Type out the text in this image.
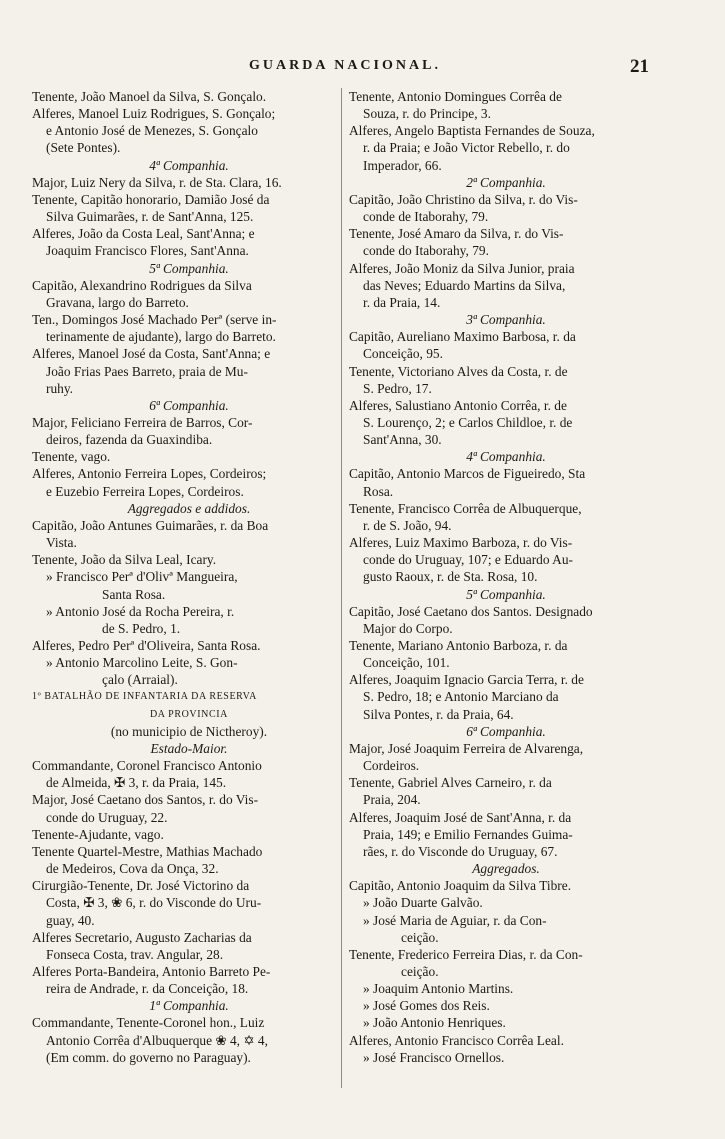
GUARDA NACIONAL.	21
Tenente, João Manoel da Silva, S. Gonçalo.
Alferes, Manoel Luiz Rodrigues, S. Gonçalo;
e Antonio José de Menezes, S. Gonçalo
(Sete Pontes).
4ª Companhia.
Major, Luiz Nery da Silva, r. de Sta. Clara, 16.
Tenente, Capitão honorario, Damião José da
Silva Guimarães, r. de Sant'Anna, 125.
Alferes, João da Costa Leal, Sant'Anna; e
Joaquim Francisco Flores, Sant'Anna.
5ª Companhia.
Capitão, Alexandrino Rodrigues da Silva
Gravana, largo do Barreto.
Ten., Domingos José Machado Perª (serve in-
terinamente de ajudante), largo do Barreto.
Alferes, Manoel José da Costa, Sant'Anna; e
João Frias Paes Barreto, praia de Mu-
ruhy.
6ª Companhia.
Major, Feliciano Ferreira de Barros, Cor-
deiros, fazenda da Guaxindiba.
Tenente, vago.
Alferes, Antonio Ferreira Lopes, Cordeiros;
e Euzebio Ferreira Lopes, Cordeiros.
Aggregados e addidos.
Capitão, João Antunes Guimarães, r. da Boa
Vista.
Tenente, João da Silva Leal, Icary.
» Francisco Perª d'Olivª Mangueira,
Santa Rosa.
» Antonio José da Rocha Pereira, r.
de S. Pedro, 1.
Alferes, Pedro Perª d'Oliveira, Santa Rosa.
» Antonio Marcolino Leite, S. Gon-
çalo (Arraial).
1º BATALHÃO DE INFANTARIA DA RESERVA
DA PROVINCIA
(no municipio de Nictheroy).
Estado-Maior.
Commandante, Coronel Francisco Antonio
de Almeida, ✠ 3, r. da Praia, 145.
Major, José Caetano dos Santos, r. do Vis-
conde do Uruguay, 22.
Tenente-Ajudante, vago.
Tenente Quartel-Mestre, Mathias Machado
de Medeiros, Cova da Onça, 32.
Cirurgião-Tenente, Dr. José Victorino da
Costa, ✠ 3, ❀ 6, r. do Visconde do Uru-
guay, 40.
Alferes Secretario, Augusto Zacharias da
Fonseca Costa, trav. Angular, 28.
Alferes Porta-Bandeira, Antonio Barreto Pe-
reira de Andrade, r. da Conceição, 18.
1ª Companhia.
Commandante, Tenente-Coronel hon., Luiz
Antonio Corrêa d'Albuquerque ❀ 4, ✡ 4,
(Em comm. do governo no Paraguay).
Tenente, Antonio Domingues Corrêa de
Souza, r. do Principe, 3.
Alferes, Angelo Baptista Fernandes de Souza,
r. da Praia; e João Victor Rebello, r. do
Imperador, 66.
2ª Companhia.
Capitão, João Christino da Silva, r. do Vis-
conde de Itaborahy, 79.
Tenente, José Amaro da Silva, r. do Vis-
conde do Itaborahy, 79.
Alferes, João Moniz da Silva Junior, praia
das Neves; Eduardo Martins da Silva,
r. da Praia, 14.
3ª Companhia.
Capitão, Aureliano Maximo Barbosa, r. da
Conceição, 95.
Tenente, Victoriano Alves da Costa, r. de
S. Pedro, 17.
Alferes, Salustiano Antonio Corrêa, r. de
S. Lourenço, 2; e Carlos Childloe, r. de
Sant'Anna, 30.
4ª Companhia.
Capitão, Antonio Marcos de Figueiredo, Sta
Rosa.
Tenente, Francisco Corrêa de Albuquerque,
r. de S. João, 94.
Alferes, Luiz Maximo Barboza, r. do Vis-
conde do Uruguay, 107; e Eduardo Au-
gusto Raoux, r. de Sta. Rosa, 10.
5ª Companhia.
Capitão, José Caetano dos Santos. Designado
Major do Corpo.
Tenente, Mariano Antonio Barboza, r. da
Conceição, 101.
Alferes, Joaquim Ignacio Garcia Terra, r. de
S. Pedro, 18; e Antonio Marciano da
Silva Pontes, r. da Praia, 64.
6ª Companhia.
Major, José Joaquim Ferreira de Alvarenga,
Cordeiros.
Tenente, Gabriel Alves Carneiro, r. da
Praia, 204.
Alferes, Joaquim José de Sant'Anna, r. da
Praia, 149; e Emilio Fernandes Guima-
rães, r. do Visconde do Uruguay, 67.
Aggregados.
Capitão, Antonio Joaquim da Silva Tibre.
» João Duarte Galvão.
» José Maria de Aguiar, r. da Con-
ceição.
Tenente, Frederico Ferreira Dias, r. da Con-
ceição.
» Joaquim Antonio Martins.
» José Gomes dos Reis.
» João Antonio Henriques.
Alferes, Antonio Francisco Corrêa Leal.
» José Francisco Ornellos.
